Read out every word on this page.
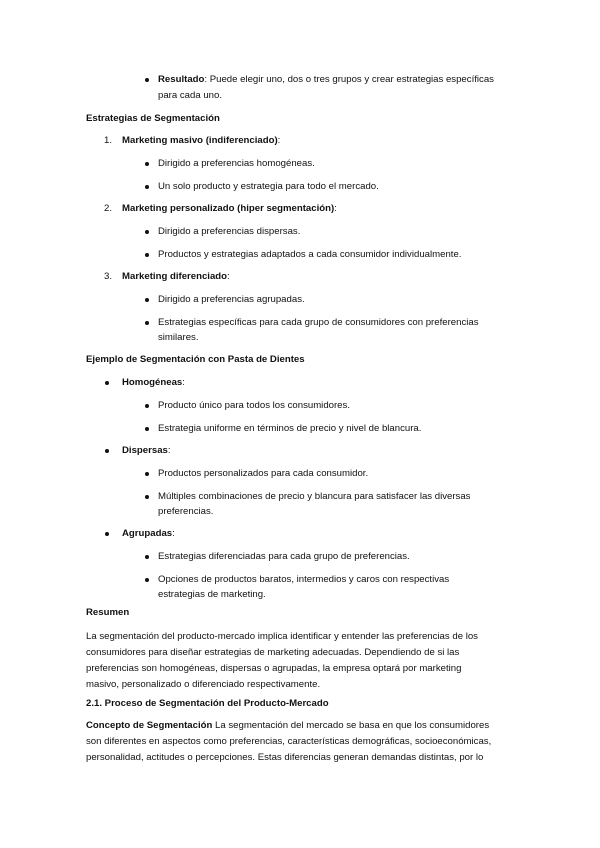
Resultado: Puede elegir uno, dos o tres grupos y crear estrategias específicas
para cada uno.
Estrategias de Segmentación
1. Marketing masivo (indiferenciado):
Dirigido a preferencias homogéneas.
Un solo producto y estrategia para todo el mercado.
2. Marketing personalizado (hiper segmentación):
Dirigido a preferencias dispersas.
Productos y estrategias adaptados a cada consumidor individualmente.
3. Marketing diferenciado:
Dirigido a preferencias agrupadas.
Estrategias específicas para cada grupo de consumidores con preferencias
similares.
Ejemplo de Segmentación con Pasta de Dientes
Homogéneas:
Producto único para todos los consumidores.
Estrategia uniforme en términos de precio y nivel de blancura.
Dispersas:
Productos personalizados para cada consumidor.
Múltiples combinaciones de precio y blancura para satisfacer las diversas
preferencias.
Agrupadas:
Estrategias diferenciadas para cada grupo de preferencias.
Opciones de productos baratos, intermedios y caros con respectivas
estrategias de marketing.
Resumen
La segmentación del producto-mercado implica identificar y entender las preferencias de los
consumidores para diseñar estrategias de marketing adecuadas. Dependiendo de si las
preferencias son homogéneas, dispersas o agrupadas, la empresa optará por marketing
masivo, personalizado o diferenciado respectivamente.
2.1. Proceso de Segmentación del Producto-Mercado
Concepto de Segmentación La segmentación del mercado se basa en que los consumidores
son diferentes en aspectos como preferencias, características demográficas, socioeconómicas,
personalidad, actitudes o percepciones. Estas diferencias generan demandas distintas, por lo
